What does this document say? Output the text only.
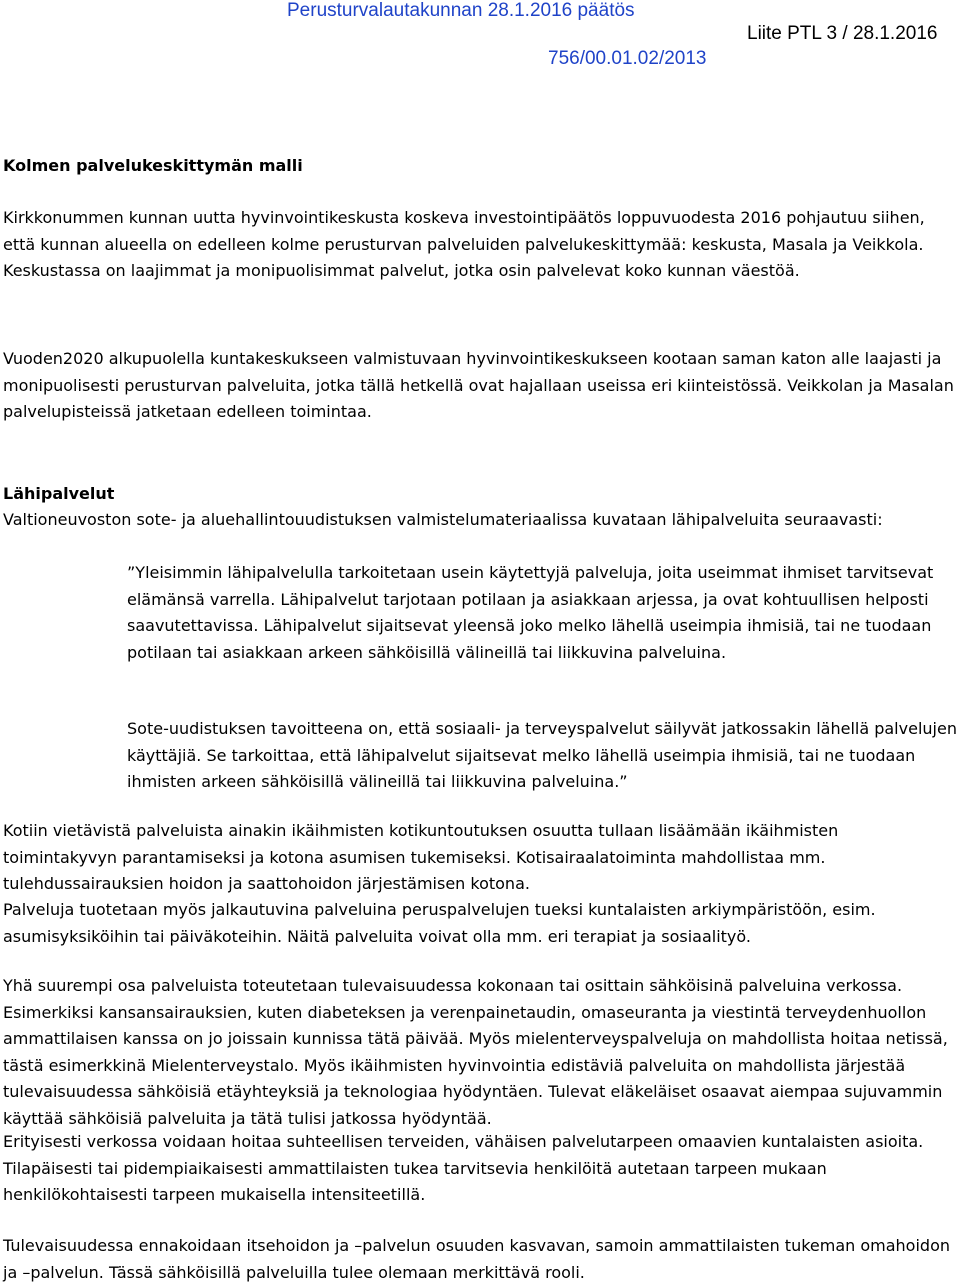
Perusturvalautakunnan 28.1.2016 päätös
756/00.01.02/2013
Liite PTL 3 / 28.1.2016
Kolmen palvelukeskittymän malli

Kirkkonummen kunnan uutta hyvinvointikeskusta koskeva investointipäätös loppuvuodesta 2016 pohjautuu siihen, että kunnan alueella on edelleen kolme perusturvan palveluiden palvelukeskittymää: keskusta, Masala ja Veikkola. Keskustassa on laajimmat ja monipuolisimmat palvelut, jotka osin palvelevat koko kunnan väestöä.

Vuoden2020 alkupuolella kuntakeskukseen valmistuvaan hyvinvointikeskukseen kootaan saman katon alle laajasti ja monipuolisesti perusturvan palveluita, jotka tällä hetkellä ovat hajallaan useissa eri kiinteistössä. Veikkolan ja Masalan palvelupisteissä jatketaan edelleen toimintaa.

Lähipalvelut

Valtioneuvoston sote- ja aluehallintouudistuksen valmistelumateriaalissa kuvataan lähipalveluita seuraavasti:

”Yleisimmin lähipalvelulla tarkoitetaan usein käytettyjä palveluja, joita useimmat ihmiset tarvitsevat elämänsä varrella. Lähipalvelut tarjotaan potilaan ja asiakkaan arjessa, ja ovat kohtuullisen helposti saavutettavissa. Lähipalvelut sijaitsevat yleensä joko melko lähellä useimpia ihmisiä, tai ne tuodaan potilaan tai asiakkaan arkeen sähköisillä välineillä tai liikkuvina palveluina.

Sote-uudistuksen tavoitteena on, että sosiaali- ja terveyspalvelut säilyvät jatkossakin lähellä palvelujen käyttäjiä. Se tarkoittaa, että lähipalvelut sijaitsevat melko lähellä useimpia ihmisiä, tai ne tuodaan ihmisten arkeen sähköisillä välineillä tai liikkuvina palveluina.”

Kotiin vietävistä palveluista ainakin ikäihmisten kotikuntoutuksen osuutta tullaan lisäämään ikäihmisten toimintakyvyn parantamiseksi ja kotona asumisen tukemiseksi. Kotisairaalatoiminta mahdollistaa mm. tulehdussairauksien hoidon ja saattohoidon järjestämisen kotona.

Palveluja tuotetaan myös jalkautuvina palveluina peruspalvelujen tueksi kuntalaisten arkiympäristöön, esim. asumisyksiköihin tai päiväkoteihin. Näitä palveluita voivat olla mm. eri terapiat ja sosiaalityö.

Yhä suurempi osa palveluista toteutetaan tulevaisuudessa kokonaan tai osittain sähköisinä palveluina verkossa. Esimerkiksi kansansairauksien, kuten diabeteksen ja verenpainetaudin, omaseuranta ja viestintä terveydenhuollon ammattilaisen kanssa on jo joissain kunnissa tätä päivää. Myös mielenterveyspalveluja on mahdollista hoitaa netissä, tästä esimerkkinä Mielenterveystalo. Myös ikäihmisten hyvinvointia edistäviä palveluita on mahdollista järjestää tulevaisuudessa sähköisiä etäyhteyksiä ja teknologiaa hyödyntäen. Tulevat eläkeläiset osaavat aiempaa sujuvammin käyttää sähköisiä palveluita ja tätä tulisi jatkossa hyödyntää.

Erityisesti verkossa voidaan hoitaa suhteellisen terveiden, vähäisen palvelutarpeen omaavien kuntalaisten asioita. Tilapäisesti tai pidempiaikaisesti ammattilaisten tukea tarvitsevia henkilöitä autetaan tarpeen mukaan henkilökohtaisesti tarpeen mukaisella intensiteetillä.

Tulevaisuudessa ennakoidaan itsehoidon ja –palvelun osuuden kasvavan, samoin ammattilaisten tukeman omahoidon ja –palvelun. Tässä sähköisillä palveluilla tulee olemaan merkittävä rooli.
